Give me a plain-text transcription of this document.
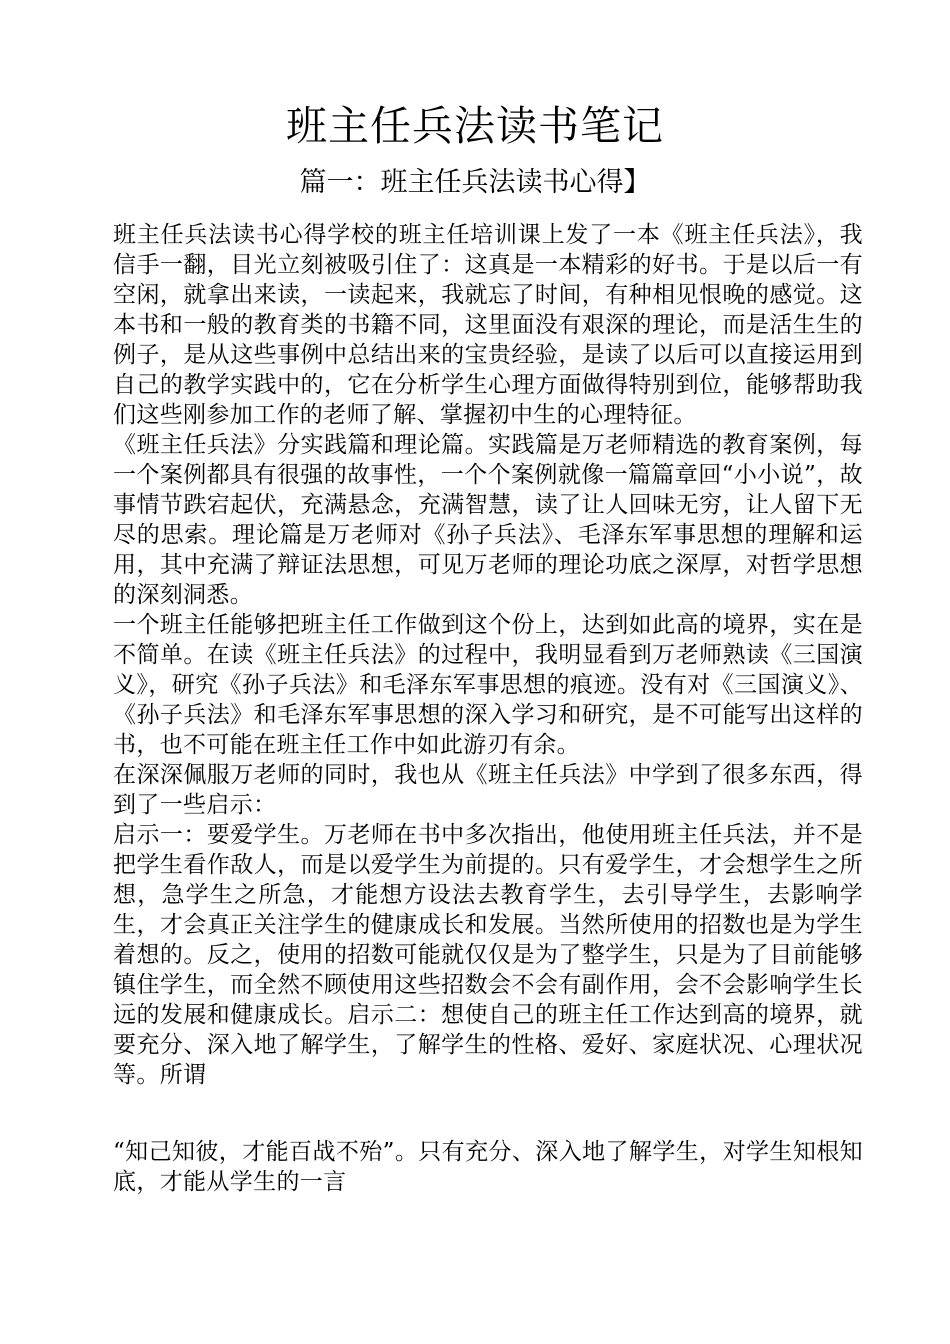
班主任兵法读书笔记
篇一：班主任兵法读书心得】

班主任兵法读书心得学校的班主任培训课上发了一本《班主任兵法》，我信手一翻，目光立刻被吸引住了：这真是一本精彩的好书。于是以后一有空闲，就拿出来读，一读起来，我就忘了时间，有种相见恨晚的感觉。这本书和一般的教育类的书籍不同，这里面没有艰深的理论，而是活生生的例子，是从这些事例中总结出来的宝贵经验，是读了以后可以直接运用到自己的教学实践中的，它在分析学生心理方面做得特别到位，能够帮助我们这些刚参加工作的老师了解、掌握初中生的心理特征。

《班主任兵法》分实践篇和理论篇。实践篇是万老师精选的教育案例，每一个案例都具有很强的故事性，一个个案例就像一篇篇章回“小小说”，故事情节跌宕起伏，充满悬念，充满智慧，读了让人回味无穷，让人留下无尽的思索。理论篇是万老师对《孙子兵法》、毛泽东军事思想的理解和运用，其中充满了辩证法思想，可见万老师的理论功底之深厚，对哲学思想的深刻洞悉。

一个班主任能够把班主任工作做到这个份上，达到如此高的境界，实在是不简单。在读《班主任兵法》的过程中，我明显看到万老师熟读《三国演义》，研究《孙子兵法》和毛泽东军事思想的痕迹。没有对《三国演义》、《孙子兵法》和毛泽东军事思想的深入学习和研究，是不可能写出这样的书，也不可能在班主任工作中如此游刃有余。

在深深佩服万老师的同时，我也从《班主任兵法》中学到了很多东西，得到了一些启示：

启示一：要爱学生。万老师在书中多次指出，他使用班主任兵法，并不是把学生看作敌人，而是以爱学生为前提的。只有爱学生，才会想学生之所想，急学生之所急，才能想方设法去教育学生，去引导学生，去影响学生，才会真正关注学生的健康成长和发展。当然所使用的招数也是为学生着想的。反之，使用的招数可能就仅仅是为了整学生，只是为了目前能够镇住学生，而全然不顾使用这些招数会不会有副作用，会不会影响学生长远的发展和健康成长。启示二：想使自己的班主任工作达到高的境界，就要充分、深入地了解学生，了解学生的性格、爱好、家庭状况、心理状况等。所谓

“知己知彼，才能百战不殆”。只有充分、深入地了解学生，对学生知根知底，才能从学生的一言
